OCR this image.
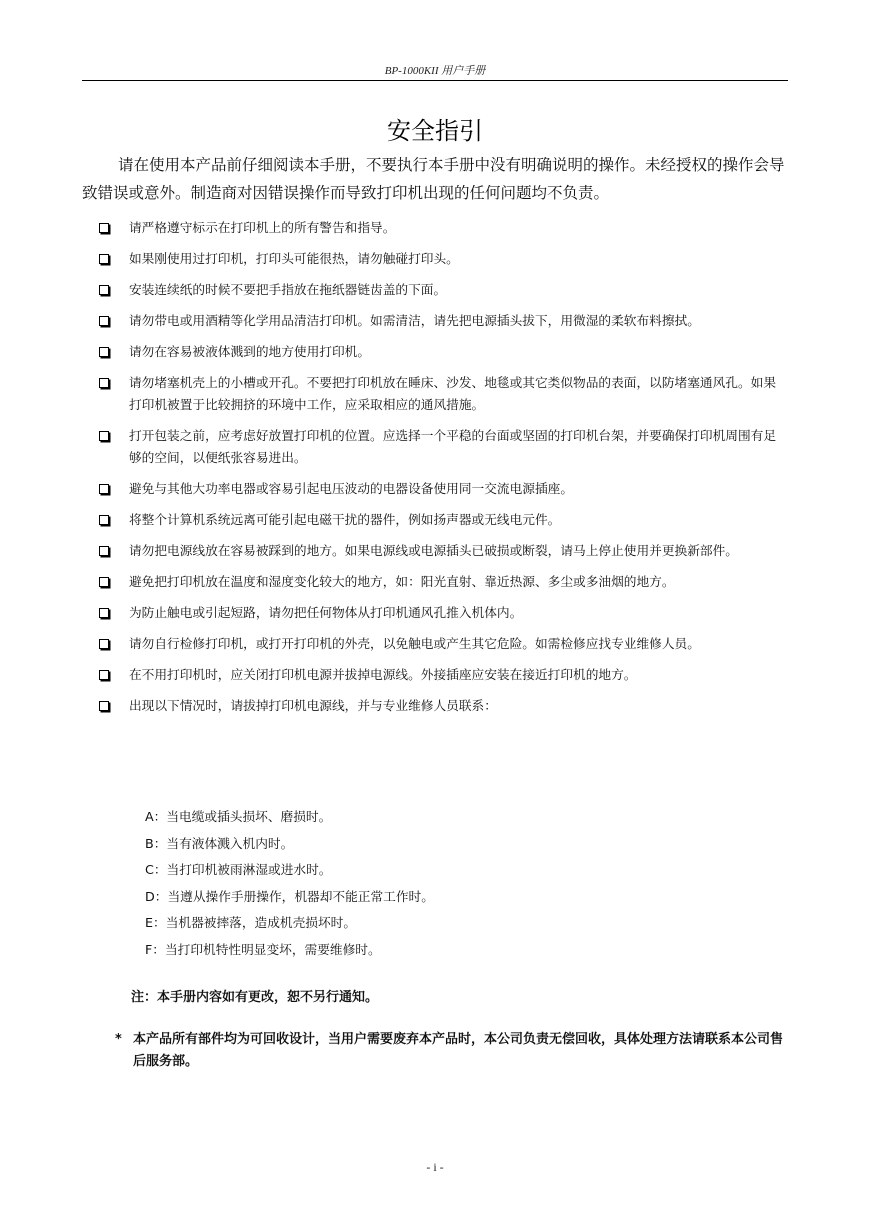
BP-1000KII 用户手册
安全指引

请在使用本产品前仔细阅读本手册，不要执行本手册中没有明确说明的操作。未经授权的操作会导致错误或意外。制造商对因错误操作而导致打印机出现的任何问题均不负责。

请严格遵守标示在打印机上的所有警告和指导。
如果刚使用过打印机，打印头可能很热，请勿触碰打印头。
安装连续纸的时候不要把手指放在拖纸器链齿盖的下面。
请勿带电或用酒精等化学用品清洁打印机。如需清洁，请先把电源插头拔下，用微湿的柔软布料擦拭。
请勿在容易被液体溅到的地方使用打印机。
请勿堵塞机壳上的小槽或开孔。不要把打印机放在睡床、沙发、地毯或其它类似物品的表面，以防堵塞通风孔。如果打印机被置于比较拥挤的环境中工作，应采取相应的通风措施。
打开包装之前，应考虑好放置打印机的位置。应选择一个平稳的台面或坚固的打印机台架，并要确保打印机周围有足够的空间，以便纸张容易进出。
避免与其他大功率电器或容易引起电压波动的电器设备使用同一交流电源插座。
将整个计算机系统远离可能引起电磁干扰的器件，例如扬声器或无线电元件。
请勿把电源线放在容易被踩到的地方。如果电源线或电源插头已破损或断裂，请马上停止使用并更换新部件。
避免把打印机放在温度和湿度变化较大的地方，如：阳光直射、靠近热源、多尘或多油烟的地方。
为防止触电或引起短路，请勿把任何物体从打印机通风孔推入机体内。
请勿自行检修打印机，或打开打印机的外壳，以免触电或产生其它危险。如需检修应找专业维修人员。
在不用打印机时，应关闭打印机电源并拔掉电源线。外接插座应安装在接近打印机的地方。
出现以下情况时，请拔掉打印机电源线，并与专业维修人员联系：
A：当电缆或插头损坏、磨损时。
B：当有液体溅入机内时。
C：当打印机被雨淋湿或进水时。
D：当遵从操作手册操作，机器却不能正常工作时。
E：当机器被摔落，造成机壳损坏时。
F：当打印机特性明显变坏，需要维修时。
注：本手册内容如有更改，恕不另行通知。
* 本产品所有部件均为可回收设计，当用户需要废弃本产品时，本公司负责无偿回收，具体处理方法请联系本公司售后服务部。
- i -
